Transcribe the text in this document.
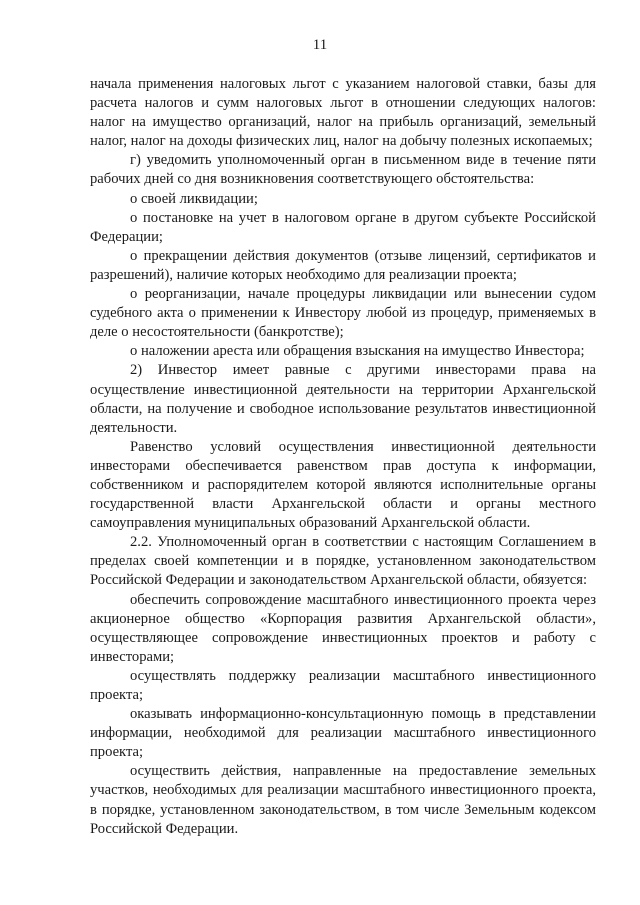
11

начала применения налоговых льгот с указанием налоговой ставки, базы для расчета налогов и сумм налоговых льгот в отношении следующих налогов: налог на имущество организаций, налог на прибыль организаций, земельный налог, налог на доходы физических лиц, налог на добычу полезных ископаемых;

г) уведомить уполномоченный орган в письменном виде в течение пяти рабочих дней со дня возникновения соответствующего обстоятельства:

о своей ликвидации;

о постановке на учет в налоговом органе в другом субъекте Российской Федерации;

о прекращении действия документов (отзыве лицензий, сертификатов и разрешений), наличие которых необходимо для реализации проекта;

о реорганизации, начале процедуры ликвидации или вынесении судом судебного акта о применении к Инвестору любой из процедур, применяемых в деле о несостоятельности (банкротстве);

о наложении ареста или обращения взыскания на имущество Инвестора;

2) Инвестор имеет равные с другими инвесторами права на осуществление инвестиционной деятельности на территории Архангельской области, на получение и свободное использование результатов инвестиционной деятельности.

Равенство условий осуществления инвестиционной деятельности инвесторами обеспечивается равенством прав доступа к информации, собственником и распорядителем которой являются исполнительные органы государственной власти Архангельской области и органы местного самоуправления муниципальных образований Архангельской области.

2.2. Уполномоченный орган в соответствии с настоящим Соглашением в пределах своей компетенции и в порядке, установленном законодательством Российской Федерации и законодательством Архангельской области, обязуется:

обеспечить сопровождение масштабного инвестиционного проекта через акционерное общество «Корпорация развития Архангельской области», осуществляющее сопровождение инвестиционных проектов и работу с инвесторами;

осуществлять поддержку реализации масштабного инвестиционного проекта;

оказывать информационно-консультационную помощь в представлении информации, необходимой для реализации масштабного инвестиционного проекта;

осуществить действия, направленные на предоставление земельных участков, необходимых для реализации масштабного инвестиционного проекта, в порядке, установленном законодательством, в том числе Земельным кодексом Российской Федерации.
